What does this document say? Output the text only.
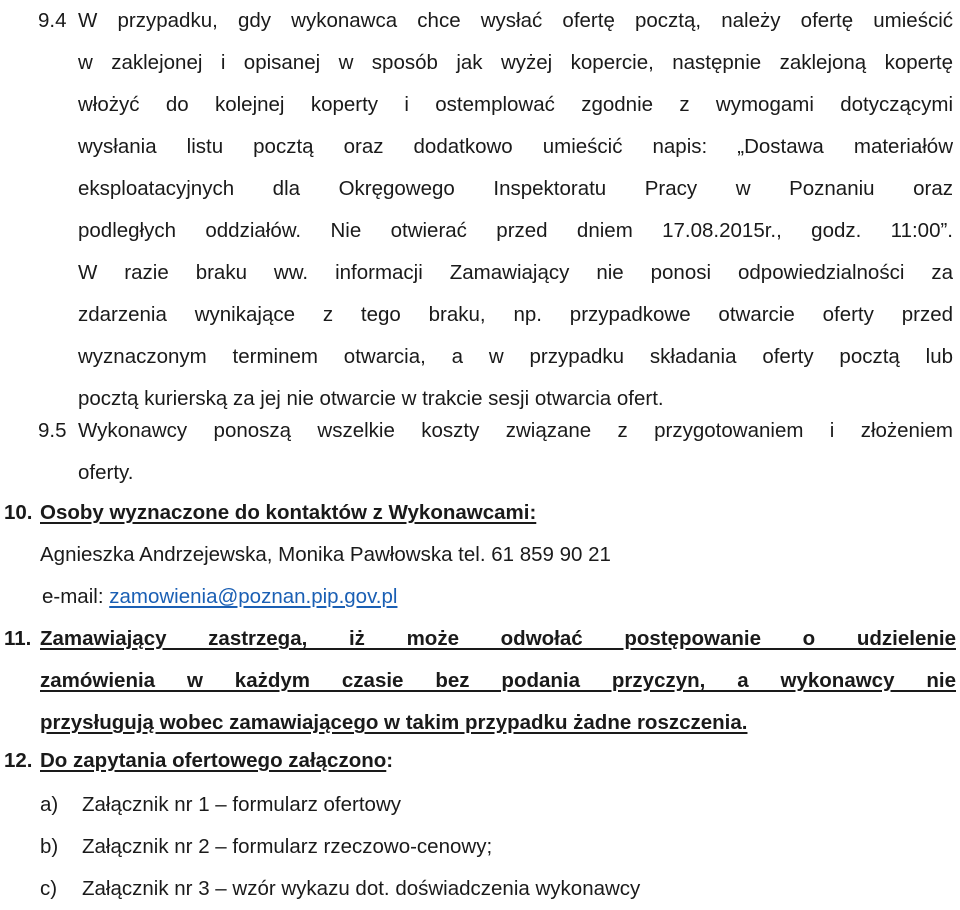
9.4 W przypadku, gdy wykonawca chce wysłać ofertę pocztą, należy ofertę umieścić
w zaklejonej i opisanej w sposób jak wyżej kopercie, następnie zaklejoną kopertę
włożyć do kolejnej koperty i ostemplować zgodnie z wymogami dotyczącymi
wysłania listu pocztą oraz dodatkowo umieścić napis: „Dostawa materiałów
eksploatacyjnych dla Okręgowego Inspektoratu Pracy w Poznaniu oraz
podległych oddziałów. Nie otwierać przed dniem 17.08.2015r., godz. 11:00”.
W razie braku ww. informacji Zamawiający nie ponosi odpowiedzialności za
zdarzenia wynikające z tego braku, np. przypadkowe otwarcie oferty przed
wyznaczonym terminem otwarcia, a w przypadku składania oferty pocztą lub
pocztą kurierską za jej nie otwarcie w trakcie sesji otwarcia ofert.
9.5 Wykonawcy ponoszą wszelkie koszty związane z przygotowaniem i złożeniem
oferty.
10. Osoby wyznaczone do kontaktów z Wykonawcami:
Agnieszka Andrzejewska, Monika Pawłowska tel. 61 859 90 21
e-mail: zamowienia@poznan.pip.gov.pl
11. Zamawiający zastrzega, iż może odwołać postępowanie o udzielenie
zamówienia w każdym czasie bez podania przyczyn, a wykonawcy nie
przysługują wobec zamawiającego w takim przypadku żadne roszczenia.
12. Do zapytania ofertowego załączono:
a) Załącznik nr 1 – formularz ofertowy
b) Załącznik nr 2 – formularz rzeczowo-cenowy;
c) Załącznik nr 3 – wzór wykazu dot. doświadczenia wykonawcy
